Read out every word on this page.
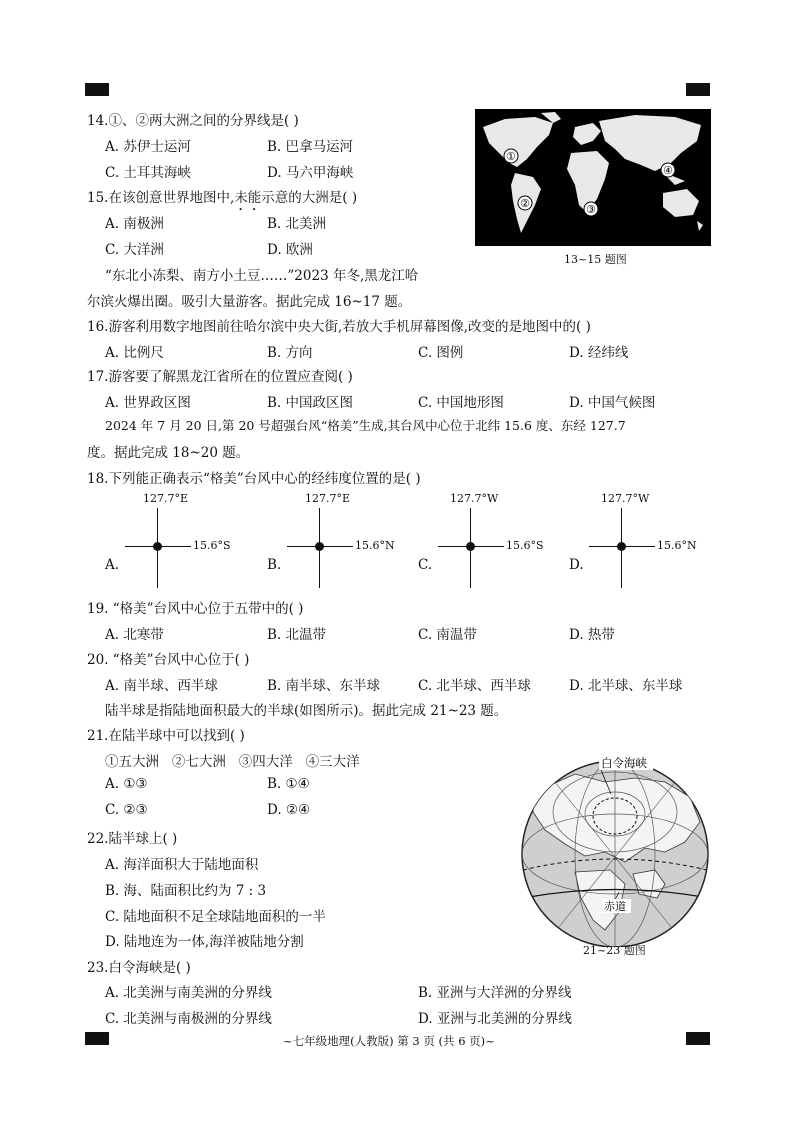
①
②	③
④
13~15 题图
14.①、②两大洲之间的分界线是( )
A. 苏伊士运河	B. 巴拿马运河
C. 土耳其海峡	D. 马六甲海峡
15.在该创意世界地图中,未能示意的大洲是( )
A. 南极洲	B. 北美洲
C. 大洋洲	D. 欧洲
“东北小冻梨、南方小土豆……”2023 年冬,黑龙江哈
尔滨火爆出圈。吸引大量游客。据此完成 16~17 题。
16.游客利用数字地图前往哈尔滨中央大街,若放大手机屏幕图像,改变的是地图中的( )
A. 比例尺	B. 方向	C. 图例	D. 经纬线
17.游客要了解黑龙江省所在的位置应查阅( )
A. 世界政区图	B. 中国政区图	C. 中国地形图	D. 中国气候图
2024 年 7 月 20 日,第 20 号超强台风“格美”生成,其台风中心位于北纬 15.6 度、东经 127.7
度。据此完成 18~20 题。
18.下列能正确表示“格美”台风中心的经纬度位置的是( )
127.7°E
15.6°S
A.
127.7°E
15.6°N
B.
127.7°W
15.6°S
C.
127.7°W
15.6°N
D.
19. “格美”台风中心位于五带中的( )
A. 北寒带	B. 北温带	C. 南温带	D. 热带
20. “格美”台风中心位于( )
A. 南半球、西半球	B. 南半球、东半球	C. 北半球、西半球	D. 北半球、东半球
陆半球是指陆地面积最大的半球(如图所示)。据此完成 21~23 题。
21.在陆半球中可以找到( )
①五大洲   ②七大洲   ③四大洋   ④三大洋
A. ①③	B. ①④
C. ②③	D. ②④
22.陆半球上( )
A. 海洋面积大于陆地面积
B. 海、陆面积比约为 7 : 3
C. 陆地面积不足全球陆地面积的一半
D. 陆地连为一体,海洋被陆地分割
白令海峡
赤道
21~23 题图
23.白令海峡是( )
A. 北美洲与南美洲的分界线	B. 亚洲与大洋洲的分界线
C. 北美洲与南极洲的分界线	D. 亚洲与北美洲的分界线
~七年级地理(人教版) 第 3 页 (共 6 页)~
